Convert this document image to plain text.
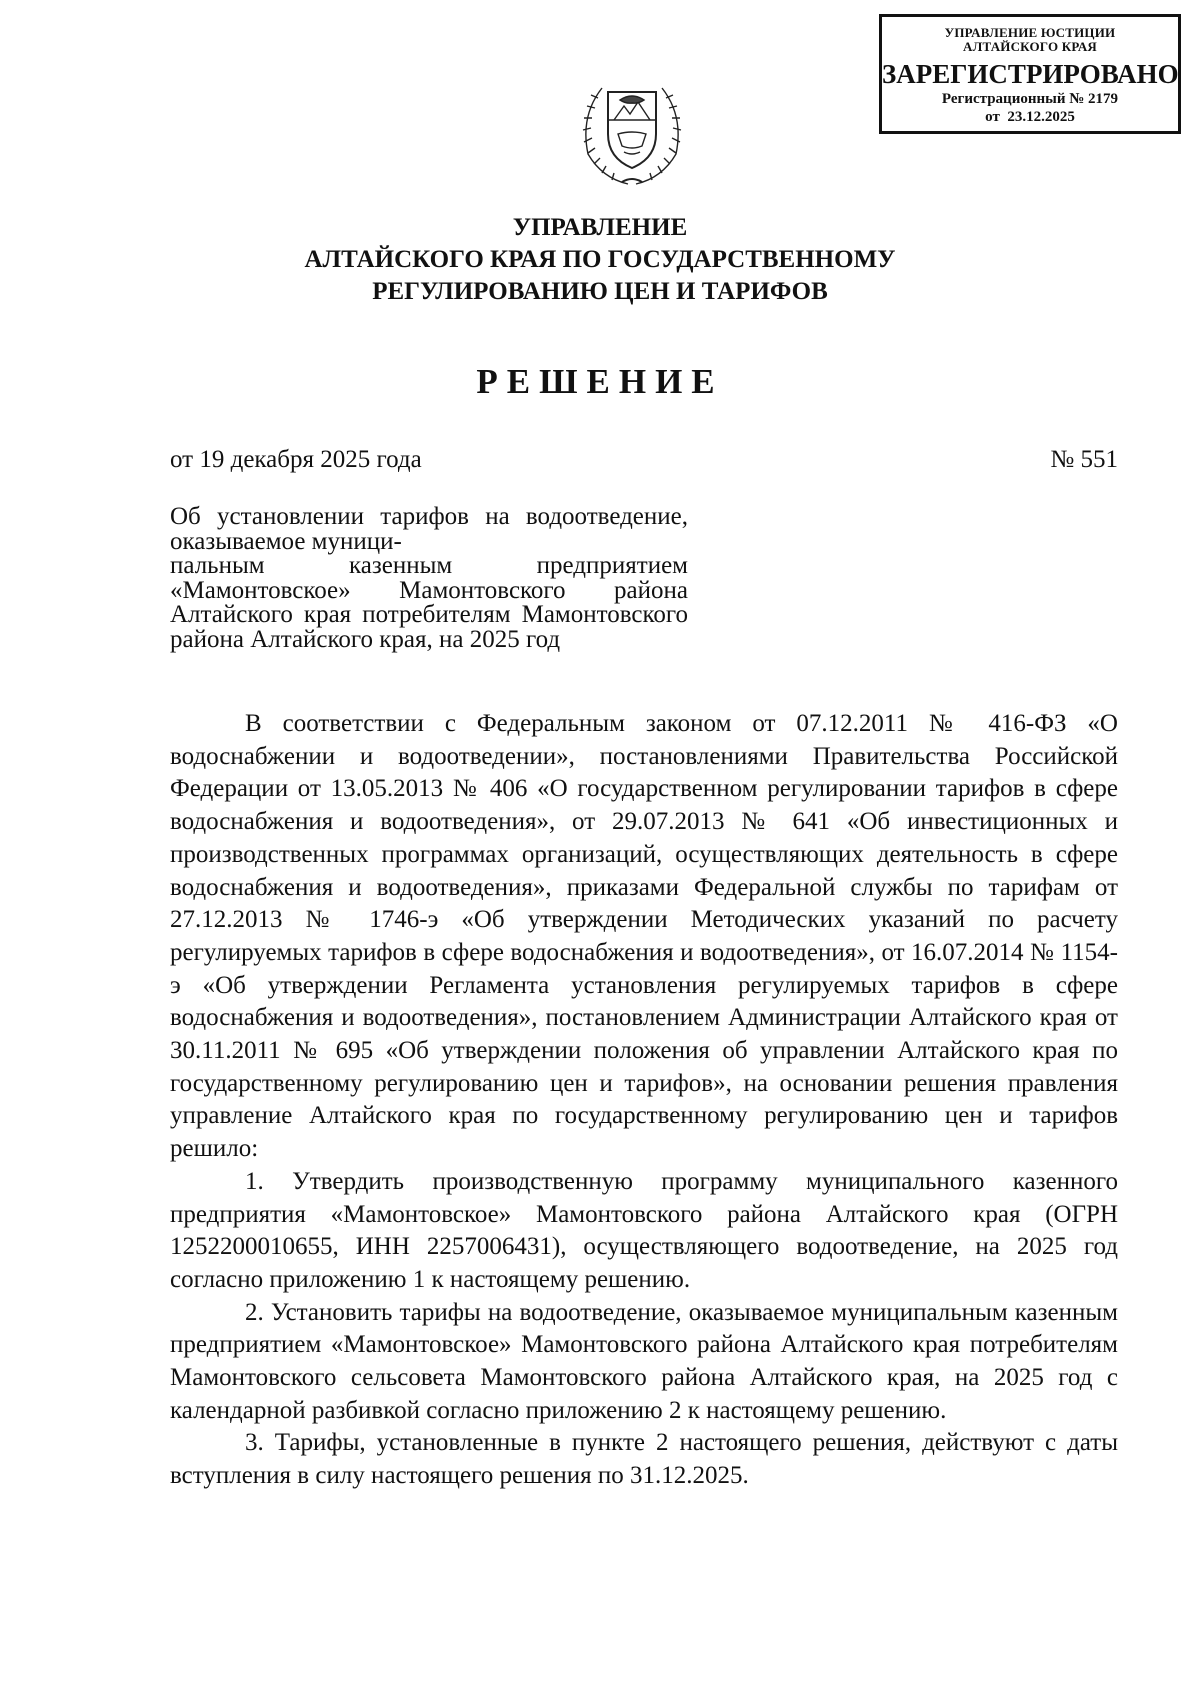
УПРАВЛЕНИЕ ЮСТИЦИИ
АЛТАЙСКОГО КРАЯ
ЗАРЕГИСТРИРОВАНО
Регистрационный № 2179
от  23.12.2025
УПРАВЛЕНИЕ
АЛТАЙСКОГО КРАЯ ПО ГОСУДАРСТВЕННОМУ
РЕГУЛИРОВАНИЮ ЦЕН И ТАРИФОВ
РЕШЕНИЕ
от 19 декабря 2025 года	№ 551
Об установлении тарифов на водоотведение, оказываемое муници-
пальным казенным предприятием «Мамонтовское» Мамонтовского района Алтайского края потребителям Мамонтовского района Алтайского края, на 2025 год

В соответствии с Федеральным законом от 07.12.2011 № 416-ФЗ «О водоснабжении и водоотведении», постановлениями Правительства Российской Федерации от 13.05.2013 № 406 «О государственном регулировании тарифов в сфере водоснабжения и водоотведения», от 29.07.2013 № 641 «Об инвестиционных и производственных программах организаций, осуществляющих деятельность в сфере водоснабжения и водоотведения», приказами Федеральной службы по тарифам от 27.12.2013 № 1746-э «Об утверждении Методических указаний по расчету регулируемых тарифов в сфере водоснабжения и водоотведения», от 16.07.2014 № 1154-э «Об утверждении Регламента установления регулируемых тарифов в сфере водоснабжения и водоотведения», постановлением Администрации Алтайского края от 30.11.2011 № 695 «Об утверждении положения об управлении Алтайского края по государственному регулированию цен и тарифов», на основании решения правления управление Алтайского края по государственному регулированию цен и тарифов решило:

1. Утвердить производственную программу муниципального казенного предприятия «Мамонтовское» Мамонтовского района Алтайского края (ОГРН 1252200010655, ИНН 2257006431), осуществляющего водоотведение, на 2025 год согласно приложению 1 к настоящему решению.

2. Установить тарифы на водоотведение, оказываемое муниципальным казенным предприятием «Мамонтовское» Мамонтовского района Алтайского края потребителям Мамонтовского сельсовета Мамонтовского района Алтайского края, на 2025 год с календарной разбивкой согласно приложению 2 к настоящему решению.

3. Тарифы, установленные в пункте 2 настоящего решения, действуют с даты вступления в силу настоящего решения по 31.12.2025.
